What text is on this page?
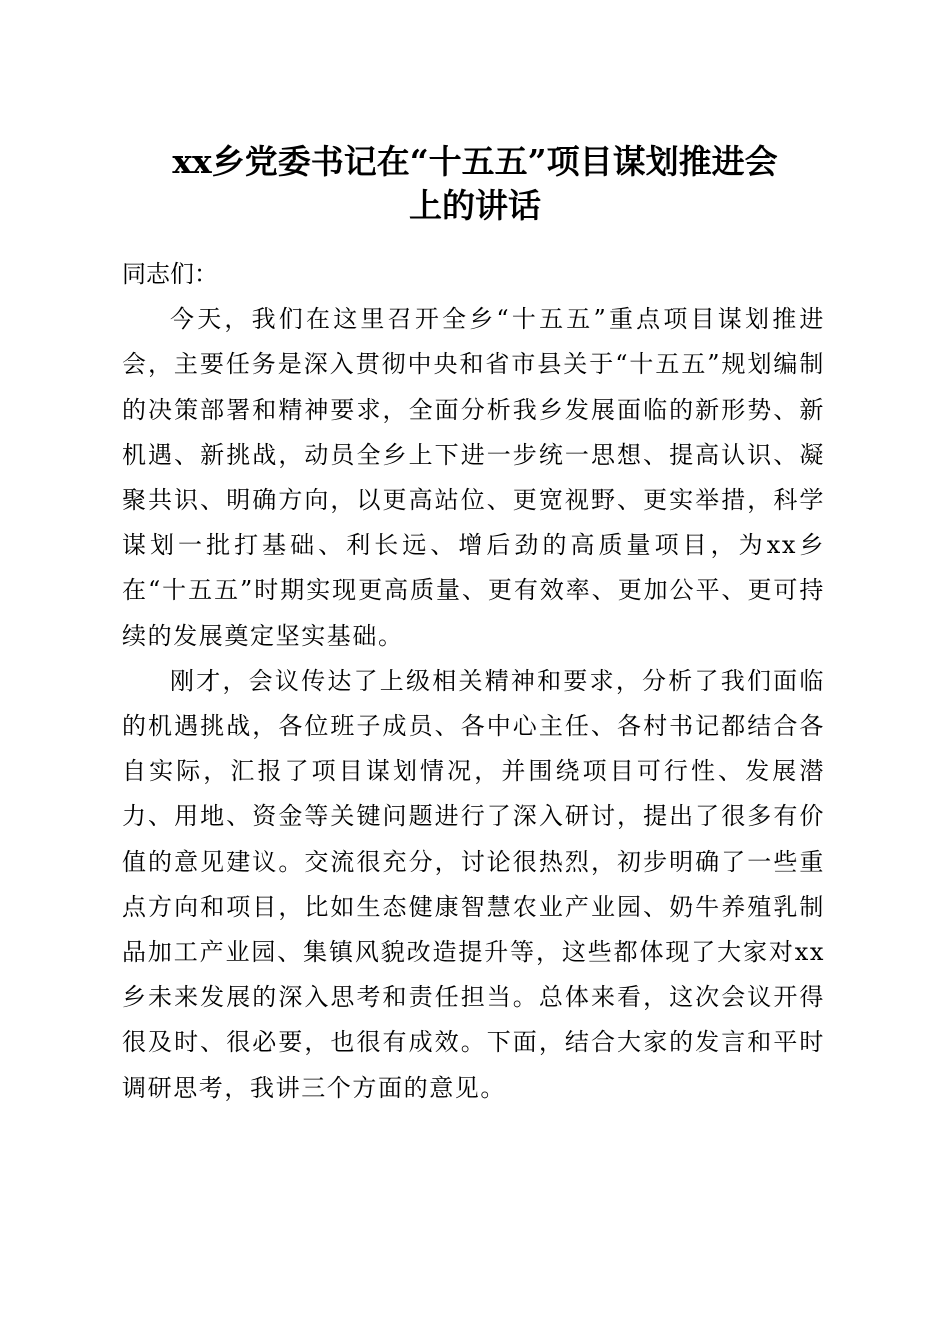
xx乡党委书记在“十五五”项目谋划推进会
上的讲话

同志们：

今天，我们在这里召开全乡“十五五”重点项目谋划推进会，主要任务是深入贯彻中央和省市县关于“十五五”规划编制的决策部署和精神要求，全面分析我乡发展面临的新形势、新机遇、新挑战，动员全乡上下进一步统一思想、提高认识、凝聚共识、明确方向，以更高站位、更宽视野、更实举措，科学谋划一批打基础、利长远、增后劲的高质量项目，为xx乡在“十五五”时期实现更高质量、更有效率、更加公平、更可持续的发展奠定坚实基础。

刚才，会议传达了上级相关精神和要求，分析了我们面临的机遇挑战，各位班子成员、各中心主任、各村书记都结合各自实际，汇报了项目谋划情况，并围绕项目可行性、发展潜力、用地、资金等关键问题进行了深入研讨，提出了很多有价值的意见建议。交流很充分，讨论很热烈，初步明确了一些重点方向和项目，比如生态健康智慧农业产业园、奶牛养殖乳制品加工产业园、集镇风貌改造提升等，这些都体现了大家对xx乡未来发展的深入思考和责任担当。总体来看，这次会议开得很及时、很必要，也很有成效。下面，结合大家的发言和平时调研思考，我讲三个方面的意见。
